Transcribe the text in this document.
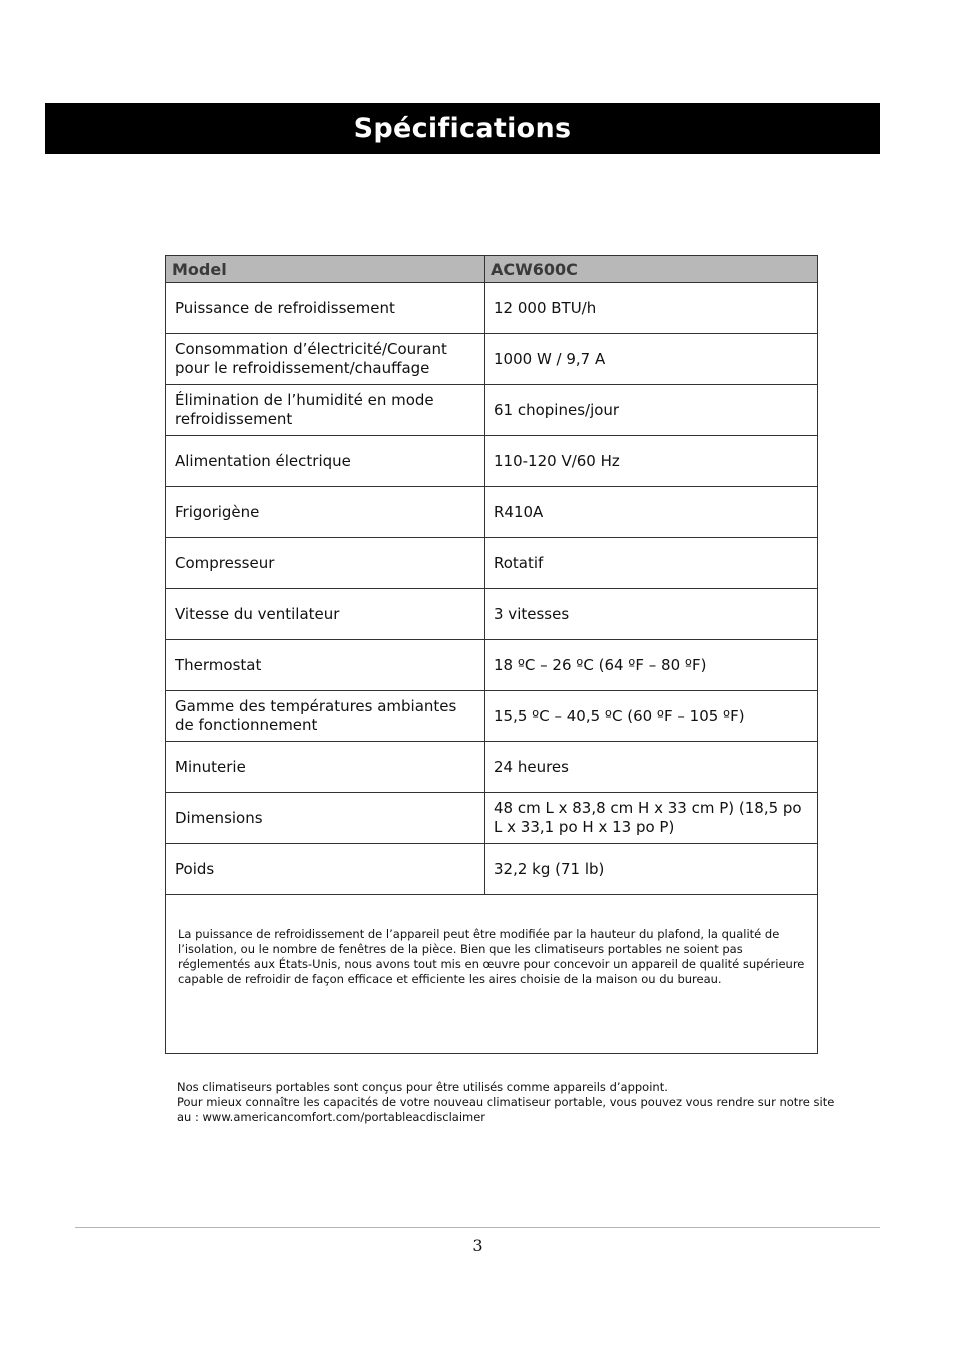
Spécifications
Model	ACW600C
Puissance de refroidissement	12 000 BTU/h
Consommation d’électricité/Courant pour le refroidissement/chauffage	1000 W / 9,7 A
Élimination de l’humidité en mode refroidissement	61 chopines/jour
Alimentation électrique	110-120 V/60 Hz
Frigorigène	R410A
Compresseur	Rotatif
Vitesse du ventilateur	3 vitesses
Thermostat	18 ºC – 26 ºC (64 ºF – 80 ºF)
Gamme des températures ambiantes de fonctionnement	15,5 ºC – 40,5 ºC (60 ºF – 105 ºF)
Minuterie	24 heures
Dimensions	48 cm L x 83,8 cm H x 33 cm P) (18,5 po L x 33,1 po H x 13 po P)
Poids	32,2 kg (71 lb)

La puissance de refroidissement de l’appareil peut être modifiée par la hauteur du plafond, la qualité de l’isolation, ou le nombre de fenêtres de la pièce. Bien que les climatiseurs portables ne soient pas réglementés aux États-Unis, nous avons tout mis en œuvre pour concevoir un appareil de qualité supérieure capable de refroidir de façon efficace et efficiente les aires choisie de la maison ou du bureau.	

Nos climatiseurs portables sont conçus pour être utilisés comme appareils d’appoint.
Pour mieux connaître les capacités de votre nouveau climatiseur portable, vous pouvez vous rendre sur notre site au : www.americancomfort.com/portableacdisclaimer
3
